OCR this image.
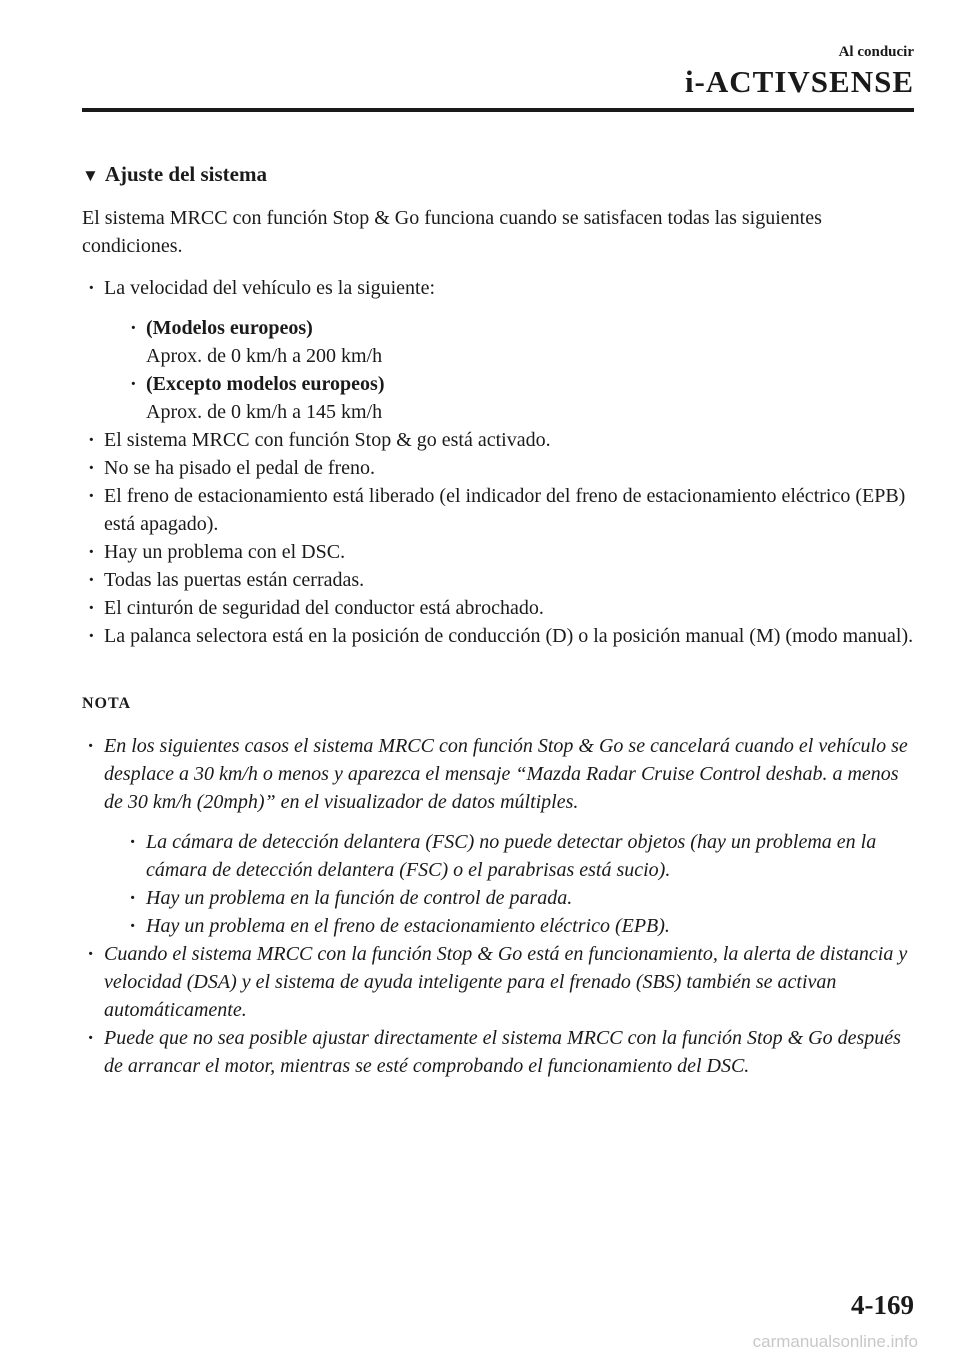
Al conducir
i-ACTIVSENSE
▼ Ajuste del sistema

El sistema MRCC con función Stop & Go funciona cuando se satisfacen todas las siguientes condiciones.

· La velocidad del vehículo es la siguiente:
· (Modelos europeos)
Aprox. de 0 km/h a 200 km/h
· (Excepto modelos europeos)
Aprox. de 0 km/h a 145 km/h
· El sistema MRCC con función Stop & go está activado.
· No se ha pisado el pedal de freno.
· El freno de estacionamiento está liberado (el indicador del freno de estacionamiento eléctrico (EPB) está apagado).
· Hay un problema con el DSC.
· Todas las puertas están cerradas.
· El cinturón de seguridad del conductor está abrochado.
· La palanca selectora está en la posición de conducción (D) o la posición manual (M) (modo manual).
NOTA
· En los siguientes casos el sistema MRCC con función Stop & Go se cancelará cuando el vehículo se desplace a 30 km/h o menos y aparezca el mensaje “Mazda Radar Cruise Control deshab. a menos de 30 km/h (20mph)” en el visualizador de datos múltiples.
· La cámara de detección delantera (FSC) no puede detectar objetos (hay un problema en la cámara de detección delantera (FSC) o el parabrisas está sucio).
· Hay un problema en la función de control de parada.
· Hay un problema en el freno de estacionamiento eléctrico (EPB).
· Cuando el sistema MRCC con la función Stop & Go está en funcionamiento, la alerta de distancia y velocidad (DSA) y el sistema de ayuda inteligente para el frenado (SBS) también se activan automáticamente.
· Puede que no sea posible ajustar directamente el sistema MRCC con la función Stop & Go después de arrancar el motor, mientras se esté comprobando el funcionamiento del DSC.
4-169
carmanualsonline.info
